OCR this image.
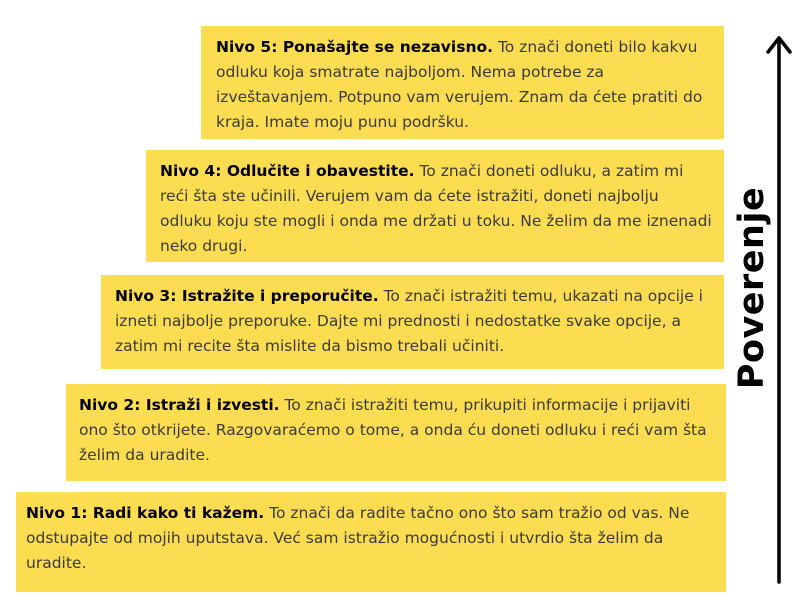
Nivo 5: Ponašajte se nezavisno. To znači doneti bilo kakvu odluku koja smatrate najboljom. Nema potrebe za izveštavanjem. Potpuno vam verujem. Znam da ćete pratiti do kraja. Imate moju punu podršku.
Nivo 4: Odlučite i obavestite. To znači doneti odluku, a zatim mi reći šta ste učinili. Verujem vam da ćete istražiti, doneti najbolju odluku koju ste mogli i onda me držati u toku. Ne želim da me iznenadi neko drugi.
Nivo 3: Istražite i preporučite. To znači istražiti temu, ukazati na opcije i izneti najbolje preporuke. Dajte mi prednosti i nedostatke svake opcije, a zatim mi recite šta mislite da bismo trebali učiniti.
Nivo 2: Istraži i izvesti. To znači istražiti temu, prikupiti informacije i prijaviti ono što otkrijete. Razgovaraćemo o tome, a onda ću doneti odluku i reći vam šta želim da uradite.
Nivo 1: Radi kako ti kažem. To znači da radite tačno ono što sam tražio od vas. Ne odstupajte od mojih uputstava. Već sam istražio mogućnosti i utvrdio šta želim da uradite.
Poverenje
